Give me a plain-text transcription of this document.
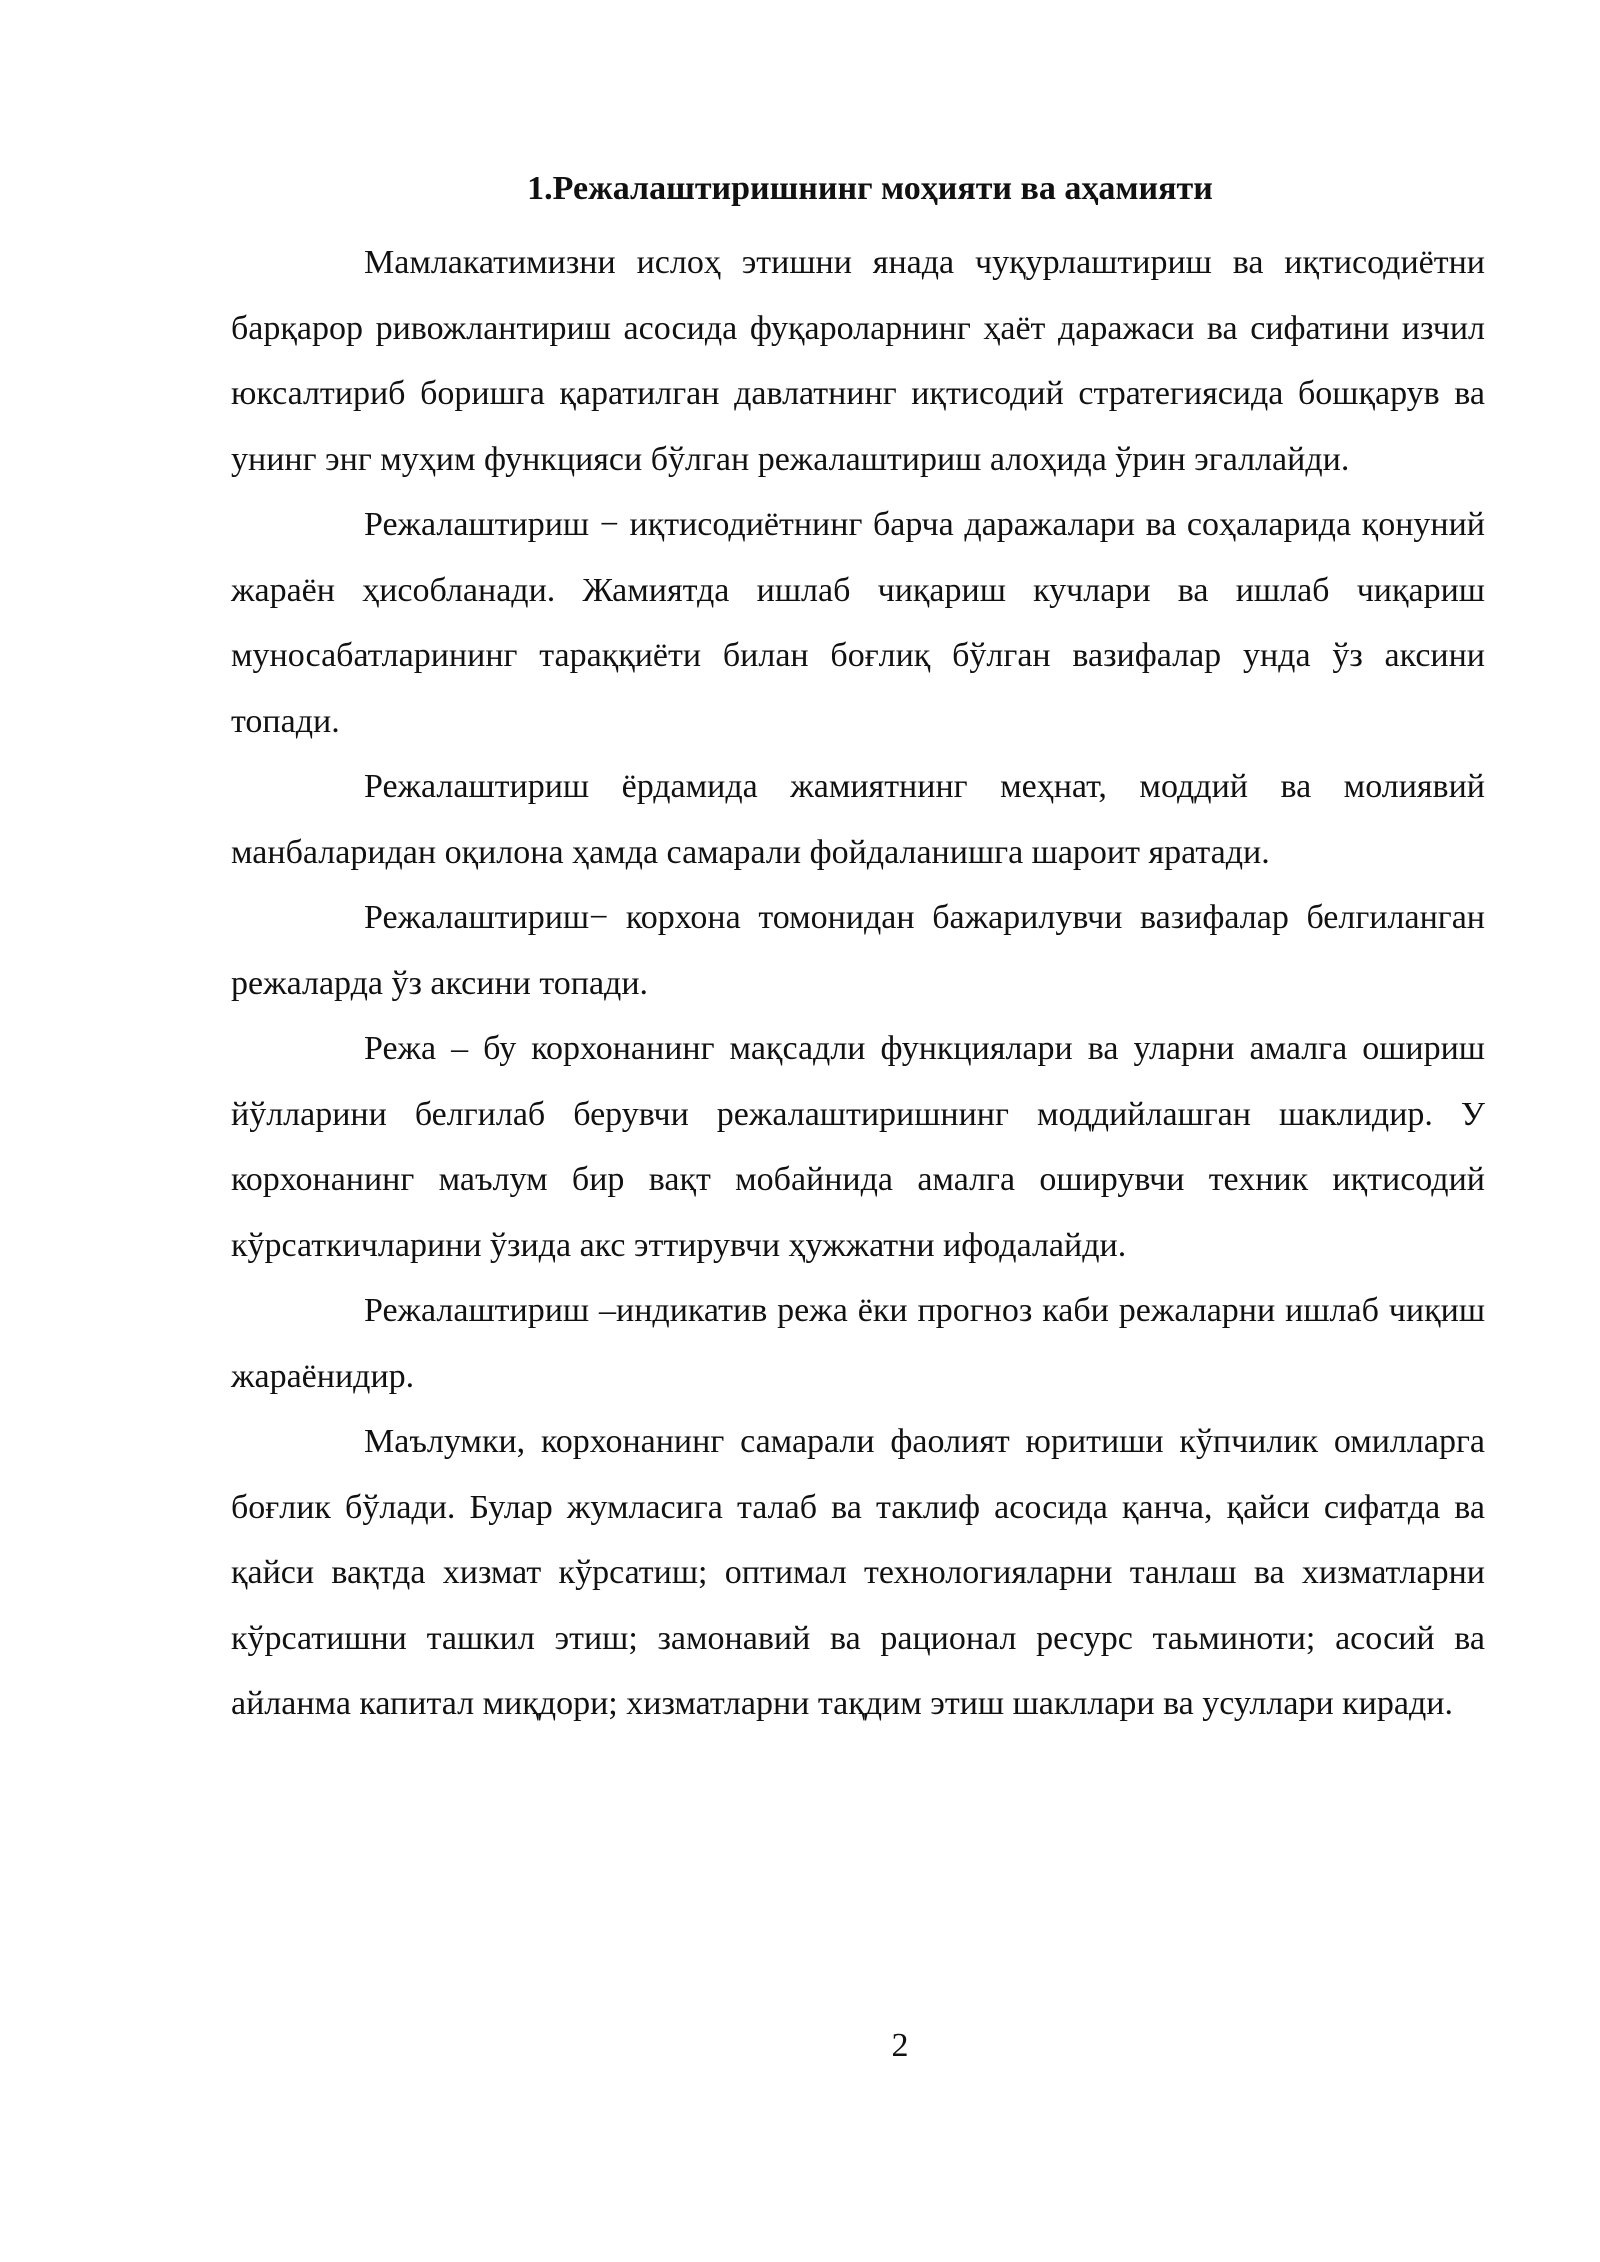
1.Режалаштиришнинг моҳияти ва аҳамияти

Мамлакатимизни ислоҳ этишни янада чуқурлаштириш ва иқтисодиётни барқарор ривожлантириш асосида фуқароларнинг ҳаёт даражаси ва сифатини изчил юксалтириб боришга қаратилган давлатнинг иқтисодий стратегиясида бошқарув ва унинг энг муҳим функцияси бўлган режалаштириш алоҳида ўрин эгаллайди.

Режалаштириш − иқтисодиётнинг барча даражалари ва соҳаларида қонуний жараён ҳисобланади. Жамиятда ишлаб чиқариш кучлари ва ишлаб чиқариш муносабатларининг тараққиёти билан боғлиқ бўлган вазифалар унда ўз аксини топади.

Режалаштириш ёрдамида жамиятнинг меҳнат, моддий ва молиявий манбаларидан оқилона ҳамда самарали фойдаланишга шароит яратади.

Режалаштириш− корхона томонидан бажарилувчи вазифалар белгиланган режаларда ўз аксини топади.

Режа – бу корхонанинг мақсадли функциялари ва уларни амалга ошириш йўлларини белгилаб берувчи режалаштиришнинг моддийлашган шаклидир. У корхонанинг маълум бир вақт мобайнида амалга оширувчи техник иқтисодий кўрсаткичларини ўзида акс эттирувчи ҳужжатни ифодалайди.

Режалаштириш –индикатив режа ёки прогноз каби режаларни ишлаб чиқиш жараёнидир.

Маълумки, корхонанинг самарали фаолият юритиши кўпчилик омилларга боғлик бўлади. Булар жумласига талаб ва таклиф асосида қанча, қайси сифатда ва қайси вақтда хизмат кўрсатиш; оптимал технологияларни танлаш ва хизматларни кўрсатишни ташкил этиш; замонавий ва рационал ресурс таьминоти; асосий ва айланма капитал миқдори; хизматларни тақдим этиш шакллари ва усуллари киради.

2
